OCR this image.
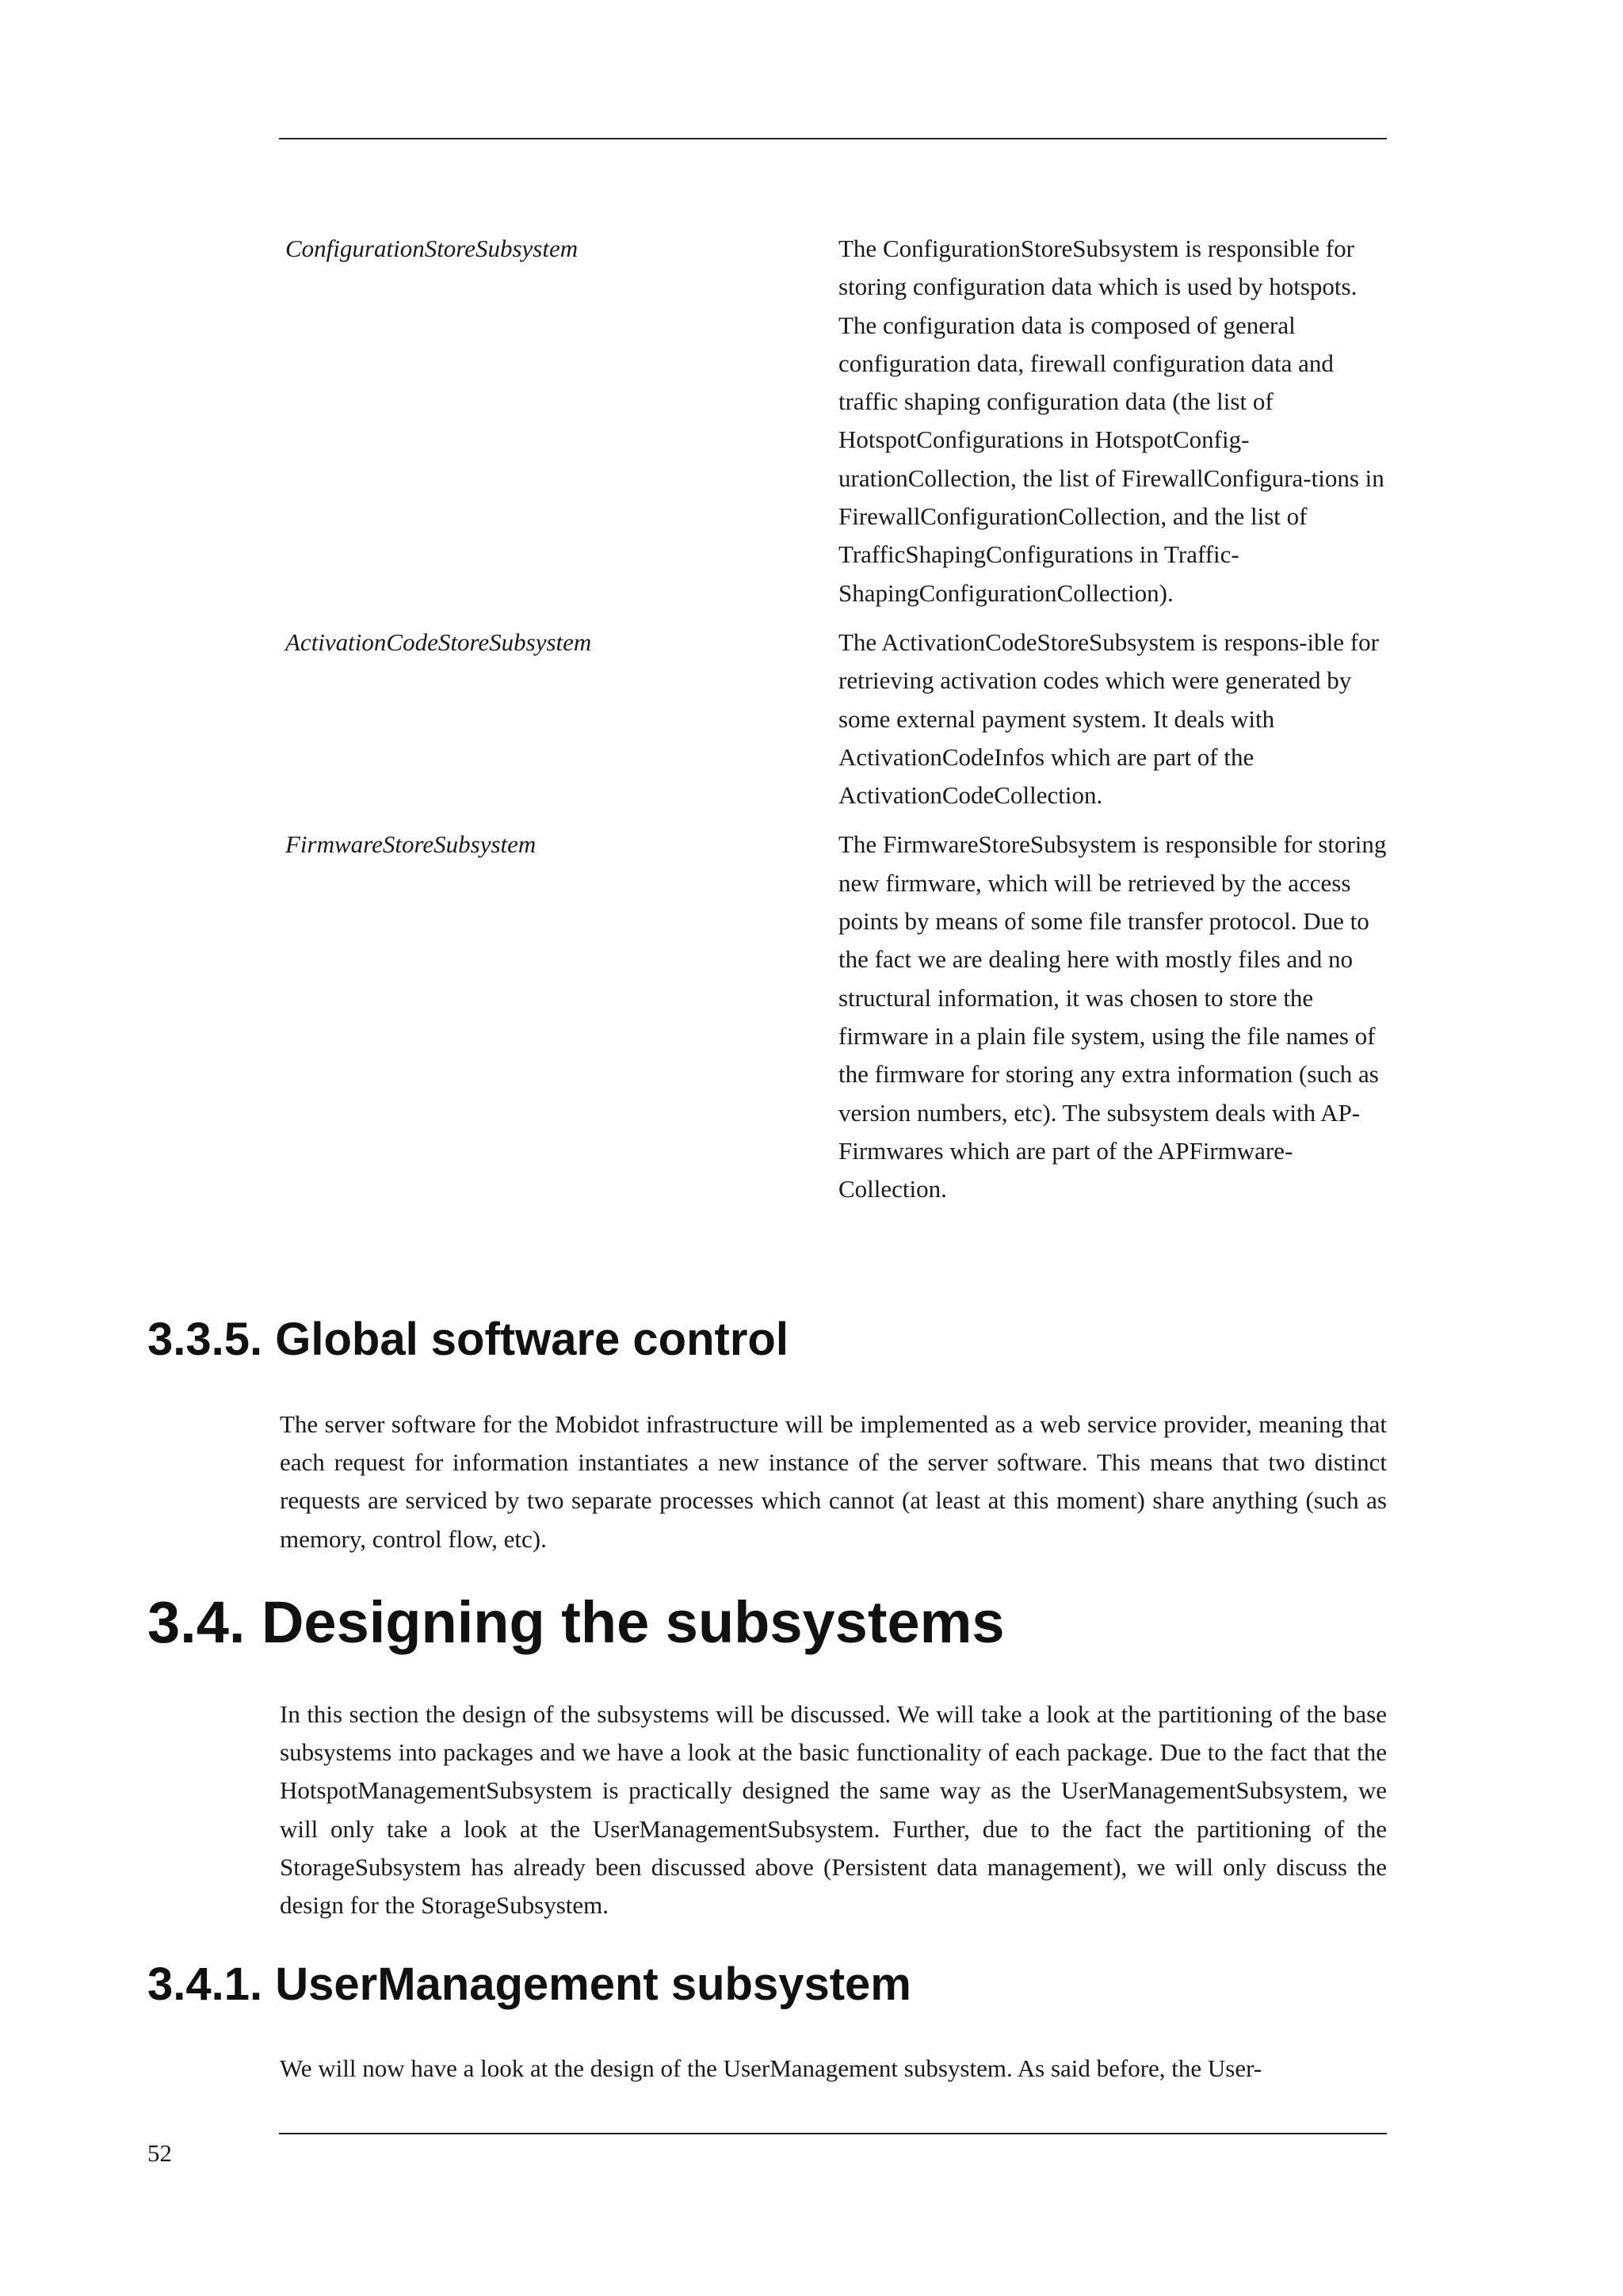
ConfigurationStoreSubsystem	The ConfigurationStoreSubsystem is responsible for storing configuration data which is used by hotspots. The configuration data is composed of general configuration data, firewall configuration data and traffic shaping configuration data (the list of HotspotConfigurations in HotspotConfig-urationCollection, the list of FirewallConfigura-tions in FirewallConfigurationCollection, and the list of TrafficShapingConfigurations in Traffic-ShapingConfigurationCollection).
ActivationCodeStoreSubsystem	The ActivationCodeStoreSubsystem is respons-ible for retrieving activation codes which were generated by some external payment system. It deals with ActivationCodeInfos which are part of the ActivationCodeCollection.
FirmwareStoreSubsystem	The FirmwareStoreSubsystem is responsible for storing new firmware, which will be retrieved by the access points by means of some file transfer protocol. Due to the fact we are dealing here with mostly files and no structural information, it was chosen to store the firmware in a plain file system, using the file names of the firmware for storing any extra information (such as version numbers, etc). The subsystem deals with AP-Firmwares which are part of the APFirmware-Collection.
3.3.5. Global software control

The server software for the Mobidot infrastructure will be implemented as a web service provider, meaning that each request for information instantiates a new instance of the server software. This means that two distinct requests are serviced by two separate processes which cannot (at least at this moment) share anything (such as memory, control flow, etc).

3.4. Designing the subsystems

In this section the design of the subsystems will be discussed. We will take a look at the partitioning of the base subsystems into packages and we have a look at the basic functionality of each package. Due to the fact that the HotspotManagementSubsystem is practically designed the same way as the UserManagementSubsystem, we will only take a look at the UserManagementSubsystem. Further, due to the fact the partitioning of the StorageSubsystem has already been discussed above (Persistent data management), we will only discuss the design for the StorageSubsystem.

3.4.1. UserManagement subsystem

We will now have a look at the design of the UserManagement subsystem. As said before, the User-

52
